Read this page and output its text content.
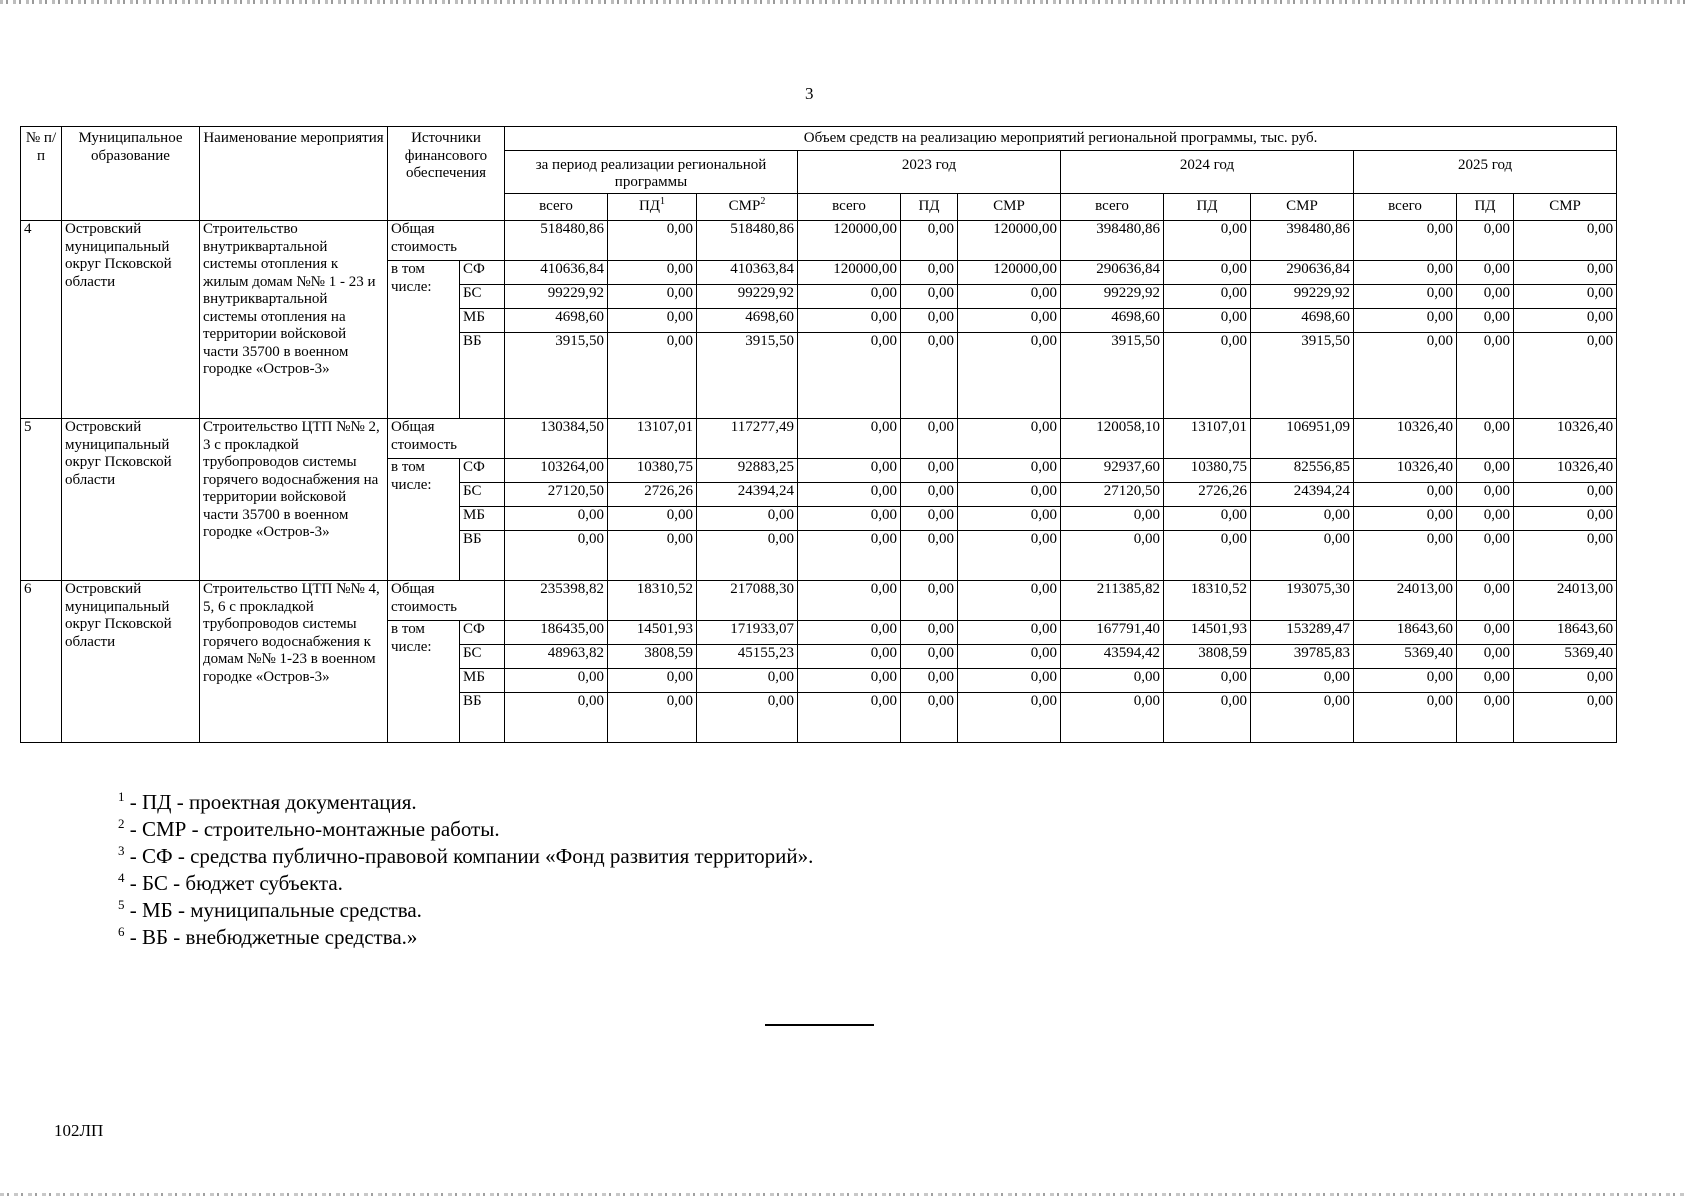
3
№ п/п	Муниципальное образование	Наименование мероприятия	Источники финансового обеспечения		Объем средств на реализацию мероприятий региональной программы, тыс. руб.											
					за период реализации региональной программы			2023 год			2024 год			2025 год		
					всего	$ПД^1$	СМР$^2$	всего	ПД	СМР	всего	ПД	СМР	всего	ПД	СМР
4	Островский муниципальный округ Псковской области	Строительство внутриквартальной системы отопления к жилым домам №№ 1 - 23 и внутриквартальной системы отопления на территории войсковой части 35700 в военном городке «Остров-3»	Общая стоимость		518480,86	0,00	518480,86	120000,00	0,00	120000,00	398480,86	0,00	398480,86	0,00	0,00	0,00
			в том числе:	СФ	410636,84	0,00	410363,84	120000,00	0,00	120000,00	290636,84	0,00	290636,84	0,00	0,00	0,00
				БС	99229,92	0,00	99229,92	0,00	0,00	0,00	99229,92	0,00	99229,92	0,00	0,00	0,00
				МБ	4698,60	0,00	4698,60	0,00	0,00	0,00	4698,60	0,00	4698,60	0,00	0,00	0,00
				ВБ	3915,50	0,00	3915,50	0,00	0,00	0,00	3915,50	0,00	3915,50	0,00	0,00	0,00
5	Островский муниципальный округ Псковской области	Строительство ЦТП №№ 2, 3 с прокладкой трубопроводов системы горячего водоснабжения на территории войсковой части 35700 в военном городке «Остров-3»	Общая стоимость		130384,50	13107,01	117277,49	0,00	0,00	0,00	120058,10	13107,01	106951,09	10326,40	0,00	10326,40
			в том числе:	СФ	103264,00	10380,75	92883,25	0,00	0,00	0,00	92937,60	10380,75	82556,85	10326,40	0,00	10326,40
				БС	27120,50	2726,26	24394,24	0,00	0,00	0,00	27120,50	2726,26	24394,24	0,00	0,00	0,00
				МБ	0,00	0,00	0,00	0,00	0,00	0,00	0,00	0,00	0,00	0,00	0,00	0,00
				ВБ	0,00	0,00	0,00	0,00	0,00	0,00	0,00	0,00	0,00	0,00	0,00	0,00
6	Островский муниципальный округ Псковской области	Строительство ЦТП №№ 4, 5, 6 с прокладкой трубопроводов системы горячего водоснабжения к домам №№ 1-23 в военном городке «Остров-3»	Общая стоимость		235398,82	18310,52	217088,30	0,00	0,00	0,00	211385,82	18310,52	193075,30	24013,00	0,00	24013,00
			в том числе:	СФ	186435,00	14501,93	171933,07	0,00	0,00	0,00	167791,40	14501,93	153289,47	18643,60	0,00	18643,60
				БС	48963,82	3808,59	45155,23	0,00	0,00	0,00	43594,42	3808,59	39785,83	5369,40	0,00	5369,40
				МБ	0,00	0,00	0,00	0,00	0,00	0,00	0,00	0,00	0,00	0,00	0,00	0,00
				ВБ	0,00	0,00	0,00	0,00	0,00	0,00	0,00	0,00	0,00	0,00	0,00	0,00
$^1$ - ПД - проектная документация.
$^2$ - СМР - строительно-монтажные работы.
$^3$ - СФ - средства публично-правовой компании «Фонд развития территорий».
$^4$ - БС - бюджет субъекта.
$^5$ - МБ - муниципальные средства.
$^6$ - ВБ - внебюджетные средства.»
102ЛП
